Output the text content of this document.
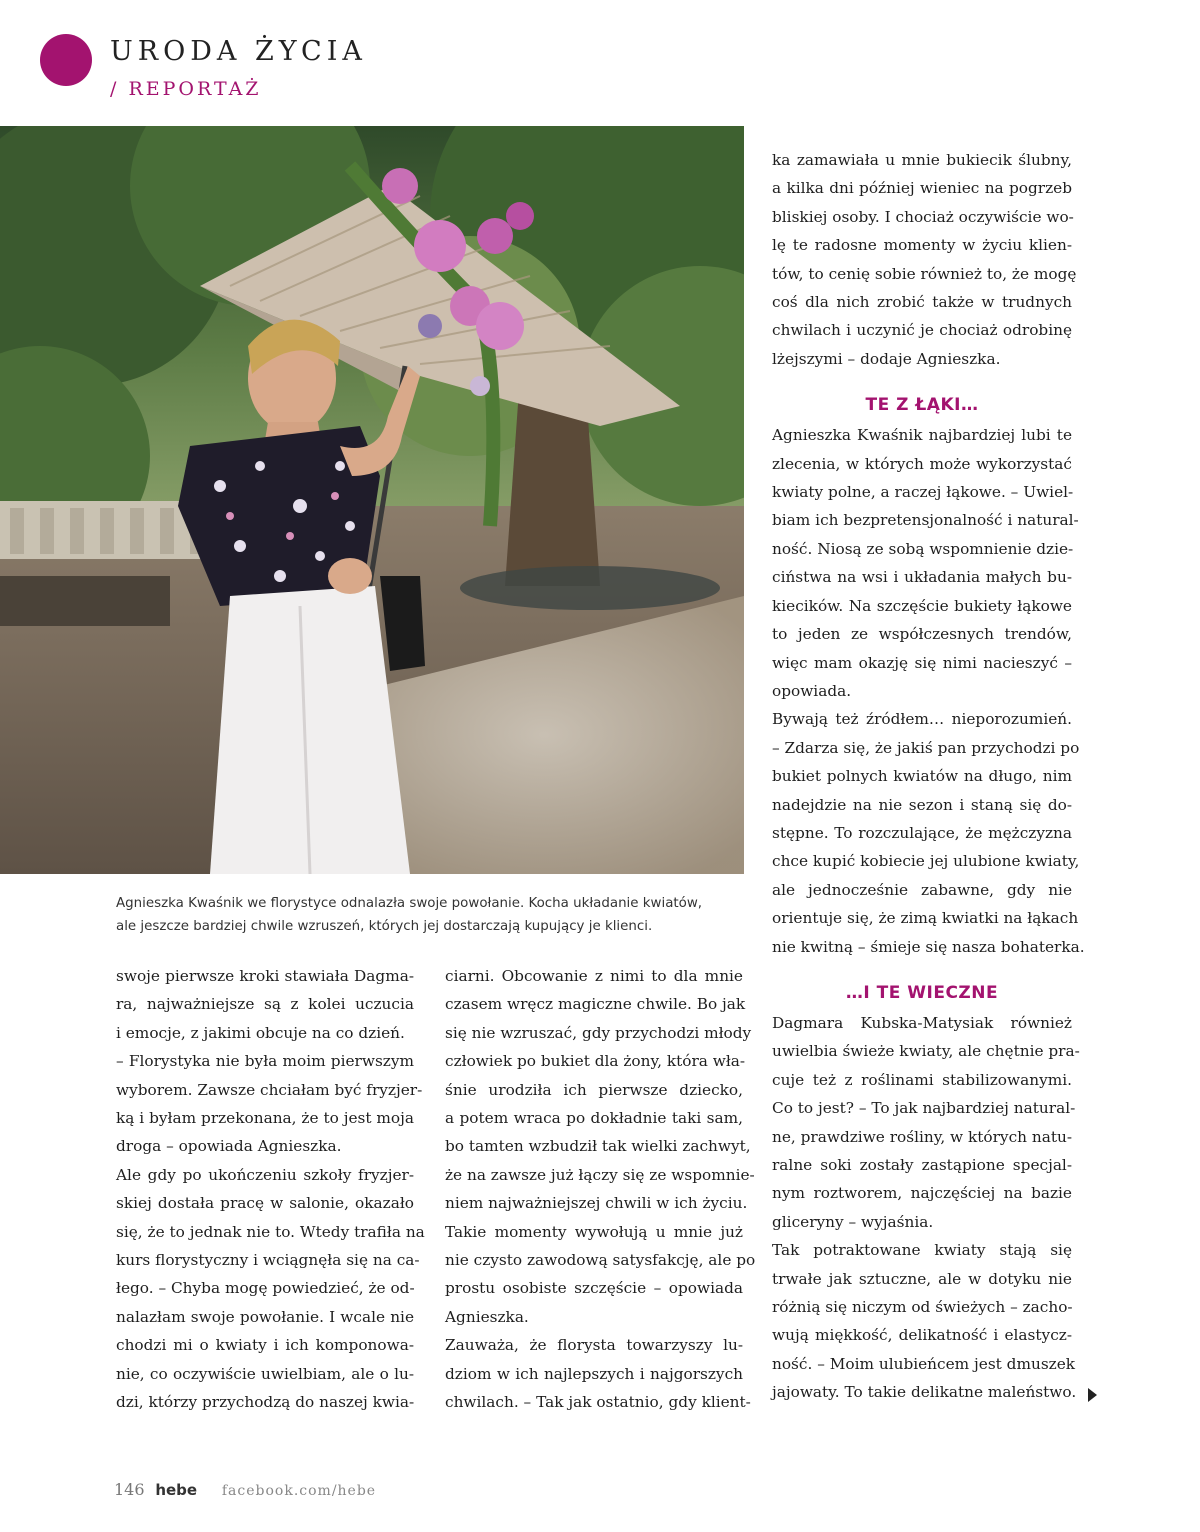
URODA ŻYCIA
/ REPORTAŻ
Agnieszka Kwaśnik we florystyce odnalazła swoje powołanie. Kocha układanie kwiatów,
ale jeszcze bardziej chwile wzruszeń, których jej dostarczają kupujący je klienci.
swoje pierwsze kroki stawiała Dagma-
ra, najważniejsze są z kolei uczucia
i emocje, z jakimi obcuje na co dzień.
– Florystyka nie była moim pierwszym
wyborem. Zawsze chciałam być fryzjer-
ką i byłam przekonana, że to jest moja
droga – opowiada Agnieszka.
Ale gdy po ukończeniu szkoły fryzjer-
skiej dostała pracę w salonie, okazało
się, że to jednak nie to. Wtedy trafiła na
kurs florystyczny i wciągnęła się na ca-
łego. – Chyba mogę powiedzieć, że od-
nalazłam swoje powołanie. I wcale nie
chodzi mi o kwiaty i ich komponowa-
nie, co oczywiście uwielbiam, ale o lu-
dzi, którzy przychodzą do naszej kwia-
ciarni. Obcowanie z nimi to dla mnie
czasem wręcz magiczne chwile. Bo jak
się nie wzruszać, gdy przychodzi młody
człowiek po bukiet dla żony, która wła-
śnie urodziła ich pierwsze dziecko,
a potem wraca po dokładnie taki sam,
bo tamten wzbudził tak wielki zachwyt,
że na zawsze już łączy się ze wspomnie-
niem najważniejszej chwili w ich życiu.
Takie momenty wywołują u mnie już
nie czysto zawodową satysfakcję, ale po
prostu osobiste szczęście – opowiada
Agnieszka.
Zauważa, że florysta towarzyszy lu-
dziom w ich najlepszych i najgorszych
chwilach. – Tak jak ostatnio, gdy klient-
ka zamawiała u mnie bukiecik ślubny,
a kilka dni później wieniec na pogrzeb
bliskiej osoby. I chociaż oczywiście wo-
lę te radosne momenty w życiu klien-
tów, to cenię sobie również to, że mogę
coś dla nich zrobić także w trudnych
chwilach i uczynić je chociaż odrobinę
lżejszymi – dodaje Agnieszka.
TE Z ŁĄKI…
Agnieszka Kwaśnik najbardziej lubi te
zlecenia, w których może wykorzystać
kwiaty polne, a raczej łąkowe. – Uwiel-
biam ich bezpretensjonalność i natural-
ność. Niosą ze sobą wspomnienie dzie-
ciństwa na wsi i układania małych bu-
kiecików. Na szczęście bukiety łąkowe
to jeden ze współczesnych trendów,
więc mam okazję się nimi nacieszyć –
opowiada.
Bywają też źródłem… nieporozumień.
– Zdarza się, że jakiś pan przychodzi po
bukiet polnych kwiatów na długo, nim
nadejdzie na nie sezon i staną się do-
stępne. To rozczulające, że mężczyzna
chce kupić kobiecie jej ulubione kwiaty,
ale jednocześnie zabawne, gdy nie
orientuje się, że zimą kwiatki na łąkach
nie kwitną – śmieje się nasza bohaterka.
…I TE WIECZNE
Dagmara Kubska-Matysiak również
uwielbia świeże kwiaty, ale chętnie pra-
cuje też z roślinami stabilizowanymi.
Co to jest? – To jak najbardziej natural-
ne, prawdziwe rośliny, w których natu-
ralne soki zostały zastąpione specjal-
nym roztworem, najczęściej na bazie
gliceryny – wyjaśnia.
Tak potraktowane kwiaty stają się
trwałe jak sztuczne, ale w dotyku nie
różnią się niczym od świeżych – zacho-
wują miękkość, delikatność i elastycz-
ność. – Moim ulubieńcem jest dmuszek
jajowaty. To takie delikatne maleństwo.
146 hebe facebook.com/hebe
